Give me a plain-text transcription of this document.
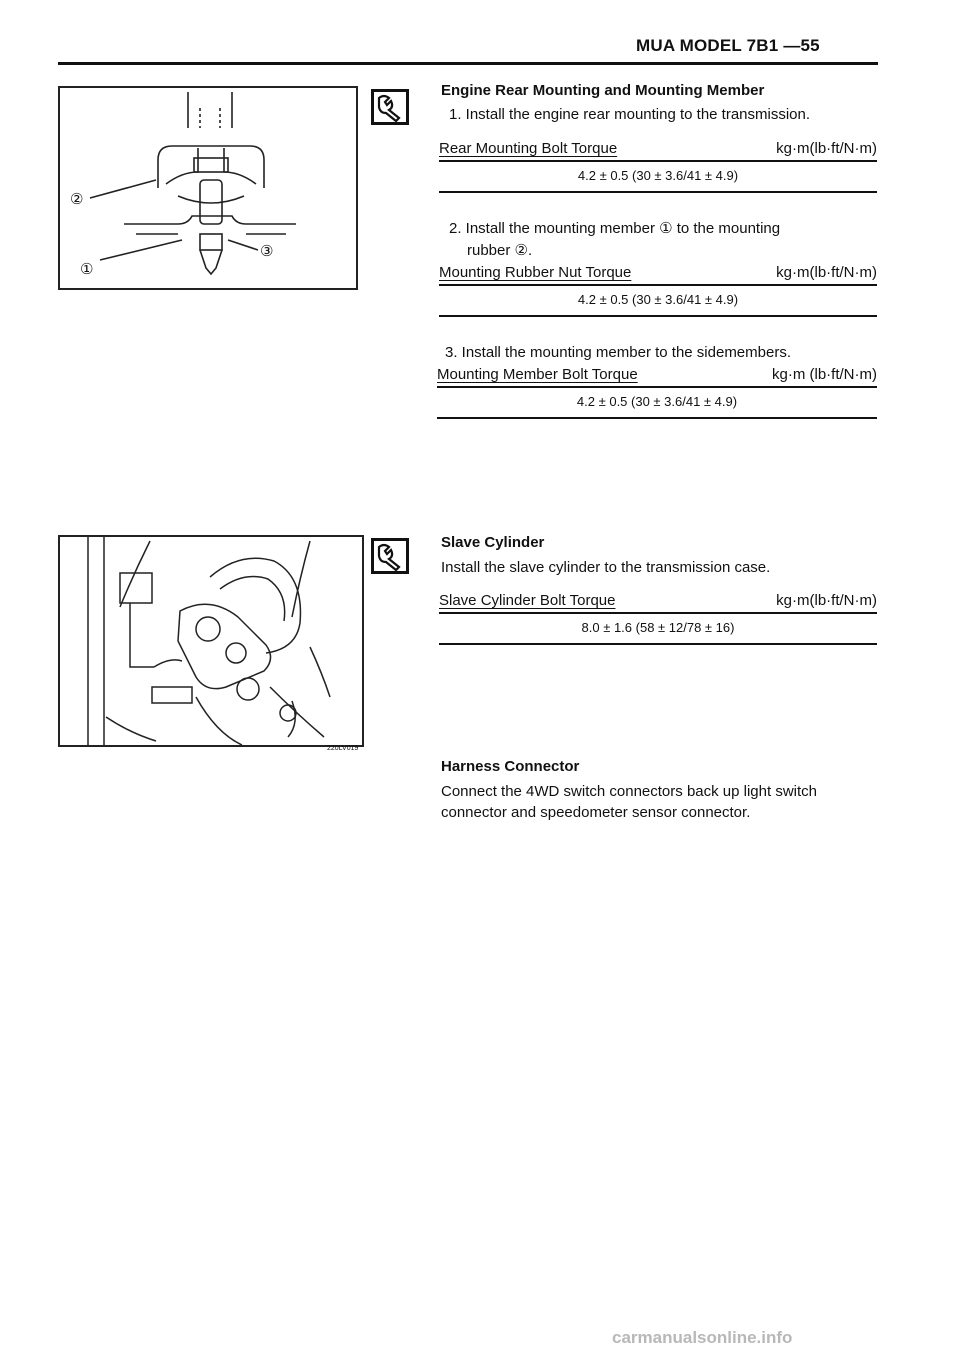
MUA MODEL 7B1 —55
②
③
①
220LV019
Engine Rear Mounting and Mounting Member
1. Install the engine rear mounting to the transmission.
Rear Mounting Bolt Torque	kg·m(lb·ft/N·m)
4.2 ± 0.5 (30 ± 3.6/41 ± 4.9)
2. Install the mounting member ① to the mounting
rubber ②.
Mounting Rubber Nut Torque	kg·m(lb·ft/N·m)
4.2 ± 0.5 (30 ± 3.6/41 ± 4.9)
3. Install the mounting member to the sidemembers.
Mounting Member Bolt Torque	kg·m (lb·ft/N·m)
4.2 ± 0.5 (30 ± 3.6/41 ± 4.9)
Slave Cylinder
Install the slave cylinder to the transmission case.
Slave Cylinder Bolt Torque	kg·m(lb·ft/N·m)
8.0 ± 1.6 (58 ± 12/78 ± 16)
Harness Connector
Connect the 4WD switch connectors back up light switch
connector and speedometer sensor connector.
carmanualsonline.info
